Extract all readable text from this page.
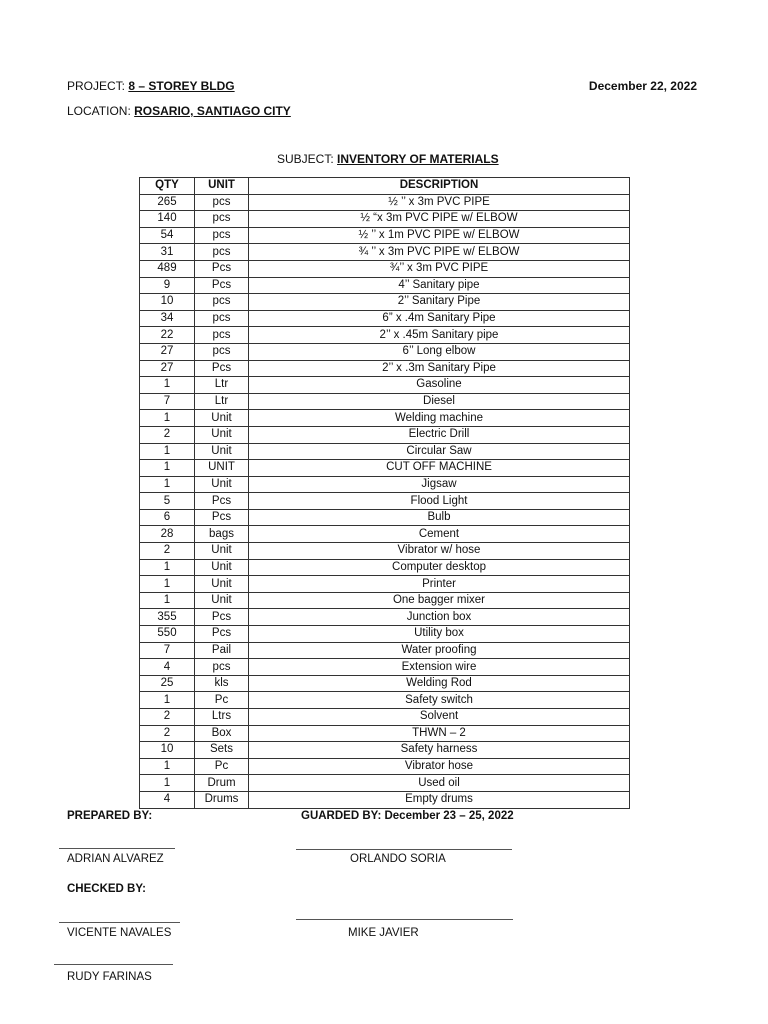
PROJECT: 8 – STOREY BLDG	December 22, 2022
LOCATION: ROSARIO, SANTIAGO CITY
SUBJECT: INVENTORY OF MATERIALS
QTY	UNIT	DESCRIPTION
265	pcs	½ ’’ x 3m PVC PIPE
140	pcs	½ “x 3m PVC PIPE w/ ELBOW
54	pcs	½ ’’ x 1m PVC PIPE w/ ELBOW
31	pcs	¾ ’’ x 3m PVC PIPE w/ ELBOW
489	Pcs	¾’’ x 3m PVC PIPE
9	Pcs	4’’ Sanitary pipe
10	pcs	2’’ Sanitary Pipe
34	pcs	6” x .4m Sanitary Pipe
22	pcs	2’’ x .45m Sanitary pipe
27	pcs	6’’ Long elbow
27	Pcs	2’’ x .3m Sanitary Pipe
1	Ltr	Gasoline
7	Ltr	Diesel
1	Unit	Welding machine
2	Unit	Electric Drill
1	Unit	Circular Saw
1	UNIT	CUT OFF MACHINE
1	Unit	Jigsaw
5	Pcs	Flood Light
6	Pcs	Bulb
28	bags	Cement
2	Unit	Vibrator w/ hose
1	Unit	Computer desktop
1	Unit	Printer
1	Unit	One bagger mixer
355	Pcs	Junction box
550	Pcs	Utility box
7	Pail	Water proofing
4	pcs	Extension wire
25	kls	Welding Rod
1	Pc	Safety switch
2	Ltrs	Solvent
2	Box	THWN – 2
10	Sets	Safety harness
1	Pc	Vibrator hose
1	Drum	Used oil
4	Drums	Empty drums
PREPARED BY:	GUARDED BY: December 23 – 25, 2022
ADRIAN ALVAREZ	ORLANDO SORIA
CHECKED BY:
VICENTE NAVALES	MIKE JAVIER
RUDY FARINAS
